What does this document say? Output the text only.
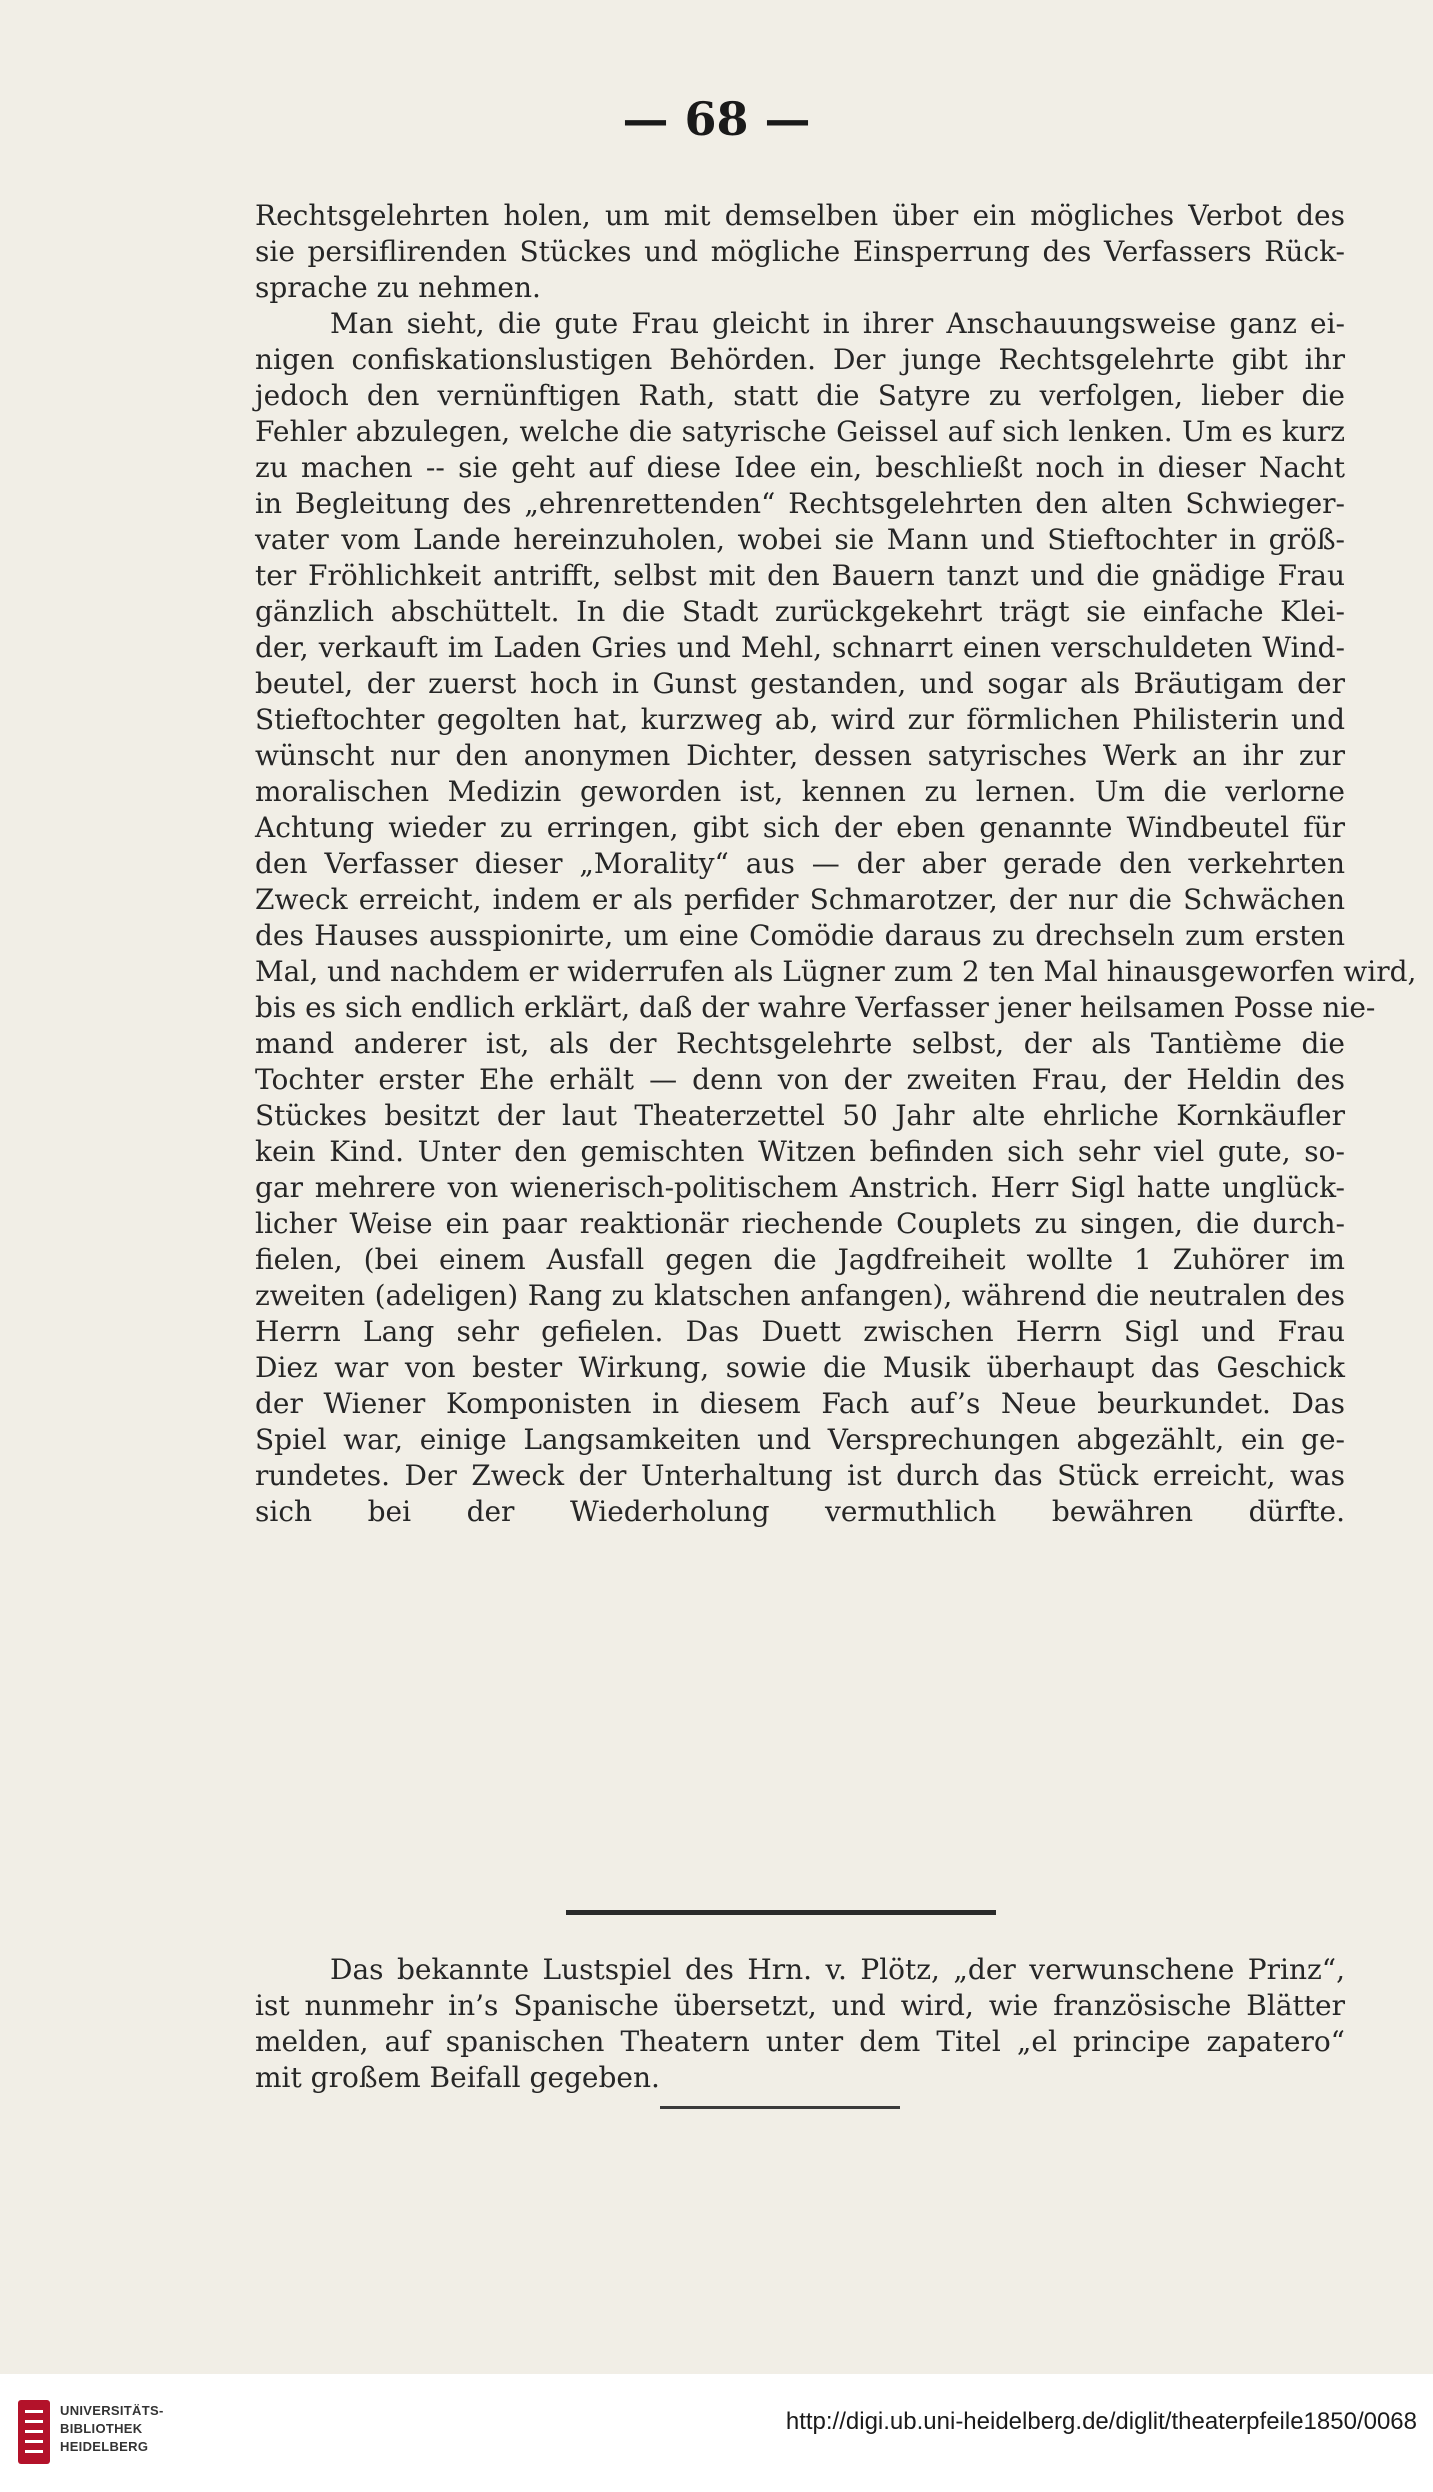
— 68 —
Rechtsgelehrten holen, um mit demselben über ein mögliches Verbot des
sie persiflirenden Stückes und mögliche Einsperrung des Verfassers Rück-
sprache zu nehmen.
Man sieht, die gute Frau gleicht in ihrer Anschauungsweise ganz ei-
nigen confiskationslustigen Behörden. Der junge Rechtsgelehrte gibt ihr
jedoch den vernünftigen Rath, statt die Satyre zu verfolgen, lieber die
Fehler abzulegen, welche die satyrische Geissel auf sich lenken. Um es kurz
zu machen -- sie geht auf diese Idee ein, beschließt noch in dieser Nacht
in Begleitung des „ehrenrettenden“ Rechtsgelehrten den alten Schwieger-
vater vom Lande hereinzuholen, wobei sie Mann und Stieftochter in größ-
ter Fröhlichkeit antrifft, selbst mit den Bauern tanzt und die gnädige Frau
gänzlich abschüttelt. In die Stadt zurückgekehrt trägt sie einfache Klei-
der, verkauft im Laden Gries und Mehl, schnarrt einen verschuldeten Wind-
beutel, der zuerst hoch in Gunst gestanden, und sogar als Bräutigam der
Stieftochter gegolten hat, kurzweg ab, wird zur förmlichen Philisterin und
wünscht nur den anonymen Dichter, dessen satyrisches Werk an ihr zur
moralischen Medizin geworden ist, kennen zu lernen. Um die verlorne
Achtung wieder zu erringen, gibt sich der eben genannte Windbeutel für
den Verfasser dieser „Morality“ aus — der aber gerade den verkehrten
Zweck erreicht, indem er als perfider Schmarotzer, der nur die Schwächen
des Hauses ausspionirte, um eine Comödie daraus zu drechseln zum ersten
Mal, und nachdem er widerrufen als Lügner zum 2 ten Mal hinausgeworfen wird,
bis es sich endlich erklärt, daß der wahre Verfasser jener heilsamen Posse nie-
mand anderer ist, als der Rechtsgelehrte selbst, der als Tantième die
Tochter erster Ehe erhält — denn von der zweiten Frau, der Heldin des
Stückes besitzt der laut Theaterzettel 50 Jahr alte ehrliche Kornkäufler
kein Kind. Unter den gemischten Witzen befinden sich sehr viel gute, so-
gar mehrere von wienerisch-politischem Anstrich. Herr Sigl hatte unglück-
licher Weise ein paar reaktionär riechende Couplets zu singen, die durch-
fielen, (bei einem Ausfall gegen die Jagdfreiheit wollte 1 Zuhörer im
zweiten (adeligen) Rang zu klatschen anfangen), während die neutralen des
Herrn Lang sehr gefielen. Das Duett zwischen Herrn Sigl und Frau
Diez war von bester Wirkung, sowie die Musik überhaupt das Geschick
der Wiener Komponisten in diesem Fach auf’s Neue beurkundet. Das
Spiel war, einige Langsamkeiten und Versprechungen abgezählt, ein ge-
rundetes. Der Zweck der Unterhaltung ist durch das Stück erreicht, was
sich bei der Wiederholung vermuthlich bewähren dürfte.
Das bekannte Lustspiel des Hrn. v. Plötz, „der verwunschene Prinz“,
ist nunmehr in’s Spanische übersetzt, und wird, wie französische Blätter
melden, auf spanischen Theatern unter dem Titel „el principe zapatero“
mit großem Beifall gegeben.
UNIVERSITÄTS-
BIBLIOTHEK
HEIDELBERG
http://digi.ub.uni-heidelberg.de/diglit/theaterpfeile1850/0068
